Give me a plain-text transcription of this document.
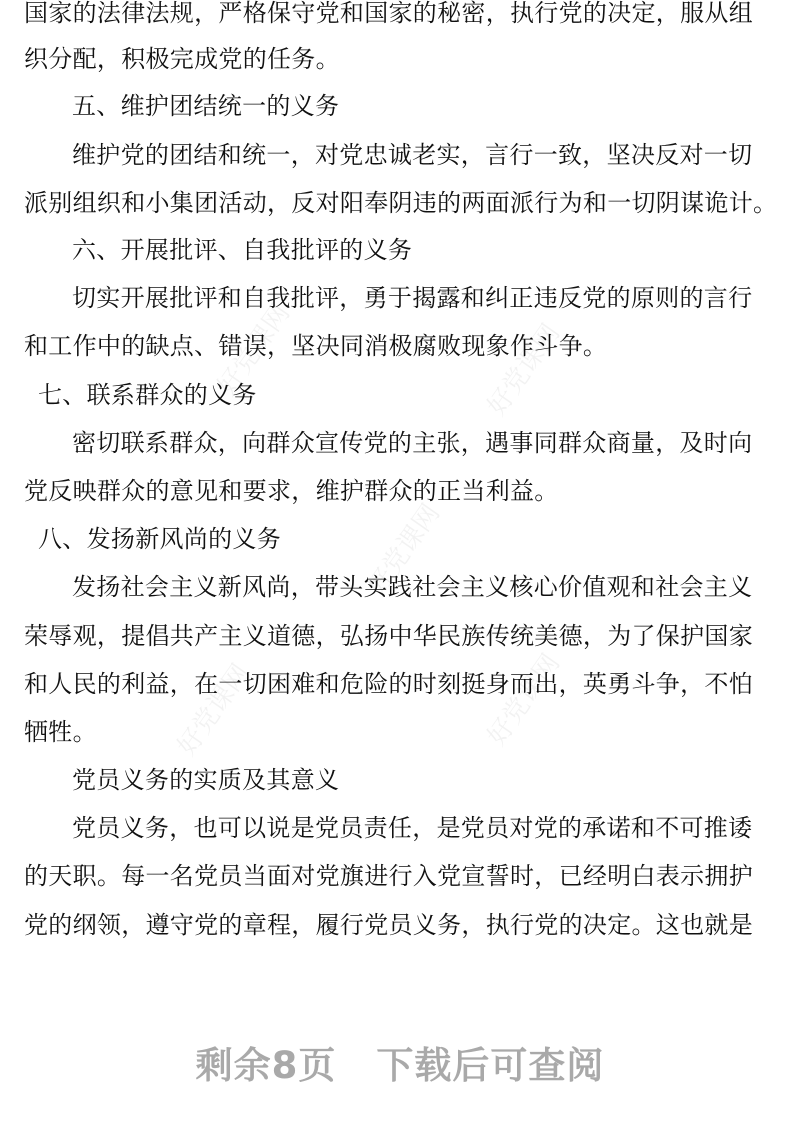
国家的法律法规，严格保守党和国家的秘密，执行党的决定，服从组
织分配，积极完成党的任务。
五、维护团结统一的义务
维护党的团结和统一，对党忠诚老实，言行一致，坚决反对一切
派别组织和小集团活动，反对阳奉阴违的两面派行为和一切阴谋诡计。
六、开展批评、自我批评的义务
切实开展批评和自我批评，勇于揭露和纠正违反党的原则的言行
和工作中的缺点、错误，坚决同消极腐败现象作斗争。
七、联系群众的义务
密切联系群众，向群众宣传党的主张，遇事同群众商量，及时向
党反映群众的意见和要求，维护群众的正当利益。
八、发扬新风尚的义务
发扬社会主义新风尚，带头实践社会主义核心价值观和社会主义
荣辱观，提倡共产主义道德，弘扬中华民族传统美德，为了保护国家
和人民的利益，在一切困难和危险的时刻挺身而出，英勇斗争，不怕
牺牲。
党员义务的实质及其意义
党员义务，也可以说是党员责任，是党员对党的承诺和不可推诿
的天职。每一名党员当面对党旗进行入党宣誓时，已经明白表示拥护
党的纲领，遵守党的章程，履行党员义务，执行党的决定。这也就是
好党课网	好党课网
好党课网
好党课网	好党课网
剩余8页 下载后可查阅
